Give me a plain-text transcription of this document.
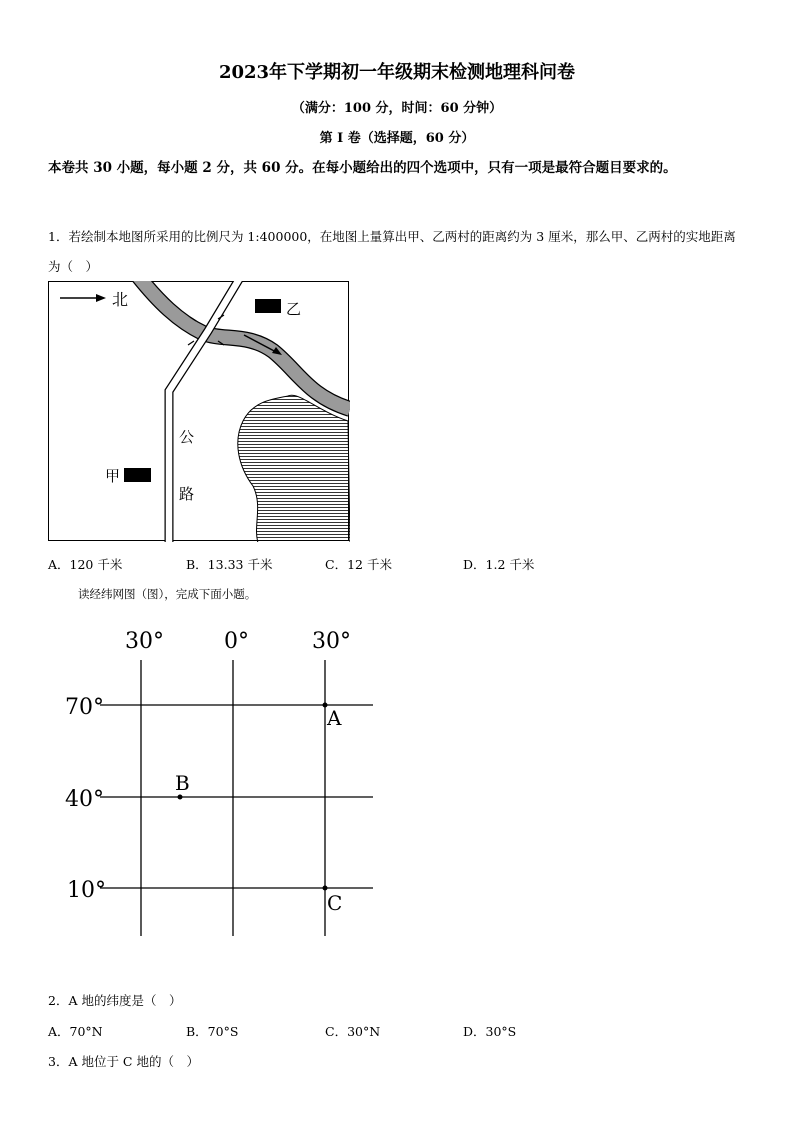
2023年下学期初一年级期末检测地理科问卷
（满分：100 分，时间：60 分钟）
第 I 卷（选择题，60 分）
本卷共 30 小题，每小题 2 分，共 60 分。在每小题给出的四个选项中，只有一项是最符合题目要求的。
1．若绘制本地图所采用的比例尺为 1:400000，在地图上量算出甲、乙两村的距离约为 3 厘米，那么甲、乙两村的实地距离为（　）
北	乙
甲
公
路
A．120 千米	B．13.33 千米	C．12 千米	D．1.2 千米
读经纬网图（图），完成下面小题。
30°	0°	30°
70°
40°
10°
A
B
C
2．A 地的纬度是（　）
A．70°N	B．70°S	C．30°N	D．30°S
3．A 地位于 C 地的（　）
